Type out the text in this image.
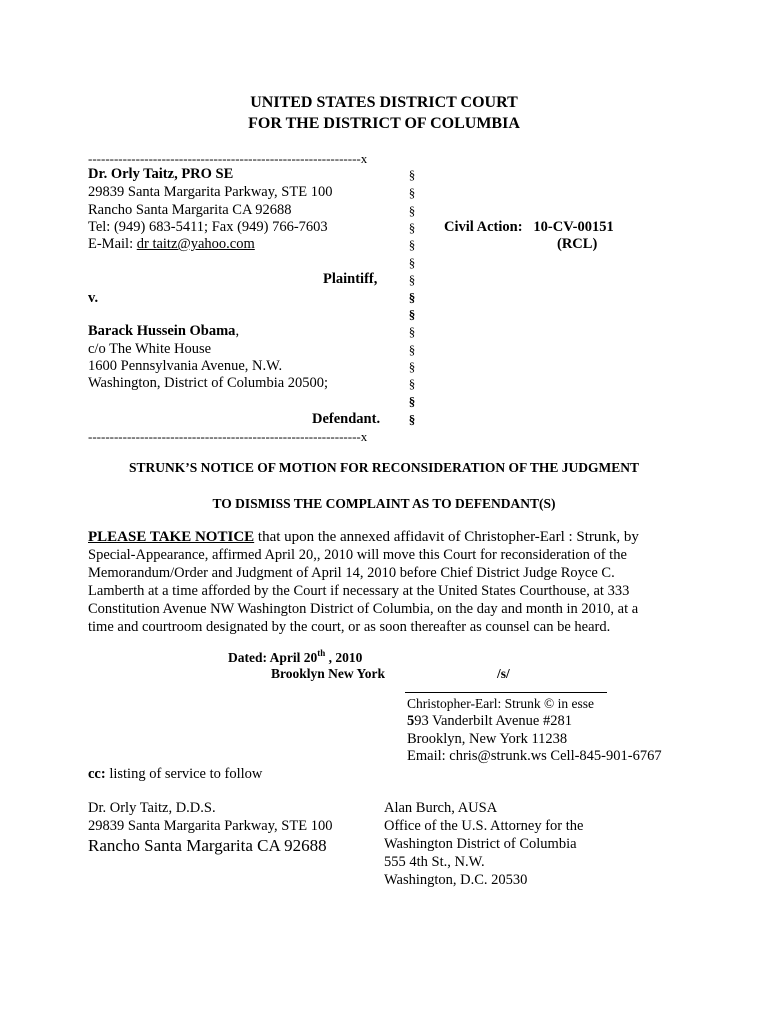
UNITED STATES DISTRICT COURT
FOR THE DISTRICT OF COLUMBIA
---------------------------------------------------------------x
Dr. Orly Taitz, PRO SE
29839 Santa Margarita Parkway, STE 100
Rancho Santa Margarita CA 92688
Tel: (949) 683-5411; Fax (949) 766-7603
E-Mail: dr taitz@yahoo.com
Plaintiff,
v.
Barack Hussein Obama,
c/o The White House
1600 Pennsylvania Avenue, N.W.
Washington, District of Columbia 20500;
Defendant.
---------------------------------------------------------------x
§
§
§
§
§
§
§
§
§
§
§
§
§
§
§
Civil Action: 10-CV-00151
(RCL)
STRUNK’S NOTICE OF MOTION FOR RECONSIDERATION OF THE JUDGMENT
TO DISMISS THE COMPLAINT AS TO DEFENDANT(S)
PLEASE TAKE NOTICE that upon the annexed affidavit of Christopher-Earl : Strunk, by
Special-Appearance, affirmed April 20,, 2010 will move this Court for reconsideration of the
Memorandum/Order and Judgment of April 14, 2010 before Chief District Judge Royce C.
Lamberth at a time afforded by the Court if necessary at the United States Courthouse, at 333
Constitution Avenue NW Washington District of Columbia, on the day and month in 2010, at a
time and courtroom designated by the court, or as soon thereafter as counsel can be heard.
Dated: April 20th , 2010
Brooklyn New York	/s/
Christopher-Earl: Strunk © in esse
593 Vanderbilt Avenue #281
Brooklyn, New York 11238
Email: chris@strunk.ws Cell-845-901-6767
cc: listing of service to follow
Dr. Orly Taitz, D.D.S.
29839 Santa Margarita Parkway, STE 100
Rancho Santa Margarita CA 92688
Alan Burch, AUSA
Office of the U.S. Attorney for the
Washington District of Columbia
555 4th St., N.W.
Washington, D.C. 20530
